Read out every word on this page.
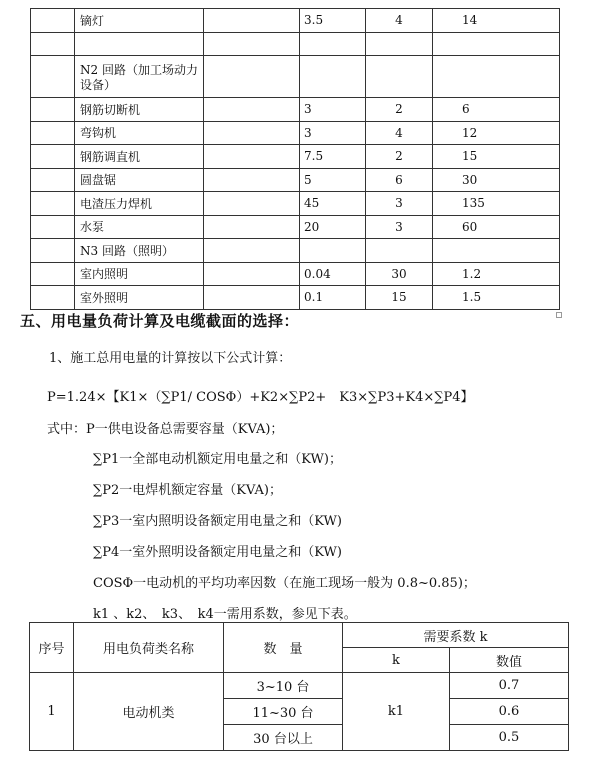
	镝灯		3.5	4	14

	N2 回路（加工场动力设备）				
	钢筋切断机		3	2	6
	弯钩机		3	4	12
	钢筋调直机		7.5	2	15
	圆盘锯		5	6	30
	电渣压力焊机		45	3	135
	水泵		20	3	60
	N3 回路（照明）				
	室内照明		0.04	30	1.2
	室外照明		0.1	15	1.5
五、用电量负荷计算及电缆截面的选择：
1、施工总用电量的计算按以下公式计算：
P=1.24×【K1×（∑P1/ COSΦ）+K2×∑P2+　K3×∑P3+K4×∑P4】
式中：P一供电设备总需要容量（KVA)；
∑P1一全部电动机额定用电量之和（KW)；
∑P2一电焊机额定容量（KVA)；
∑P3一室内照明设备额定用电量之和（KW)
∑P4一室外照明设备额定用电量之和（KW)
COSΦ一电动机的平均功率因数（在施工现场一般为 0.8~0.85)；
k1 、k2、　k3、　k4一需用系数，参见下表。
序号	用电负荷类名称	数　量	需要系数 k	
			k	数值
1	电动机类	3~10 台	k1	0.7
		11~30 台		0.6
		30 台以上		0.5
